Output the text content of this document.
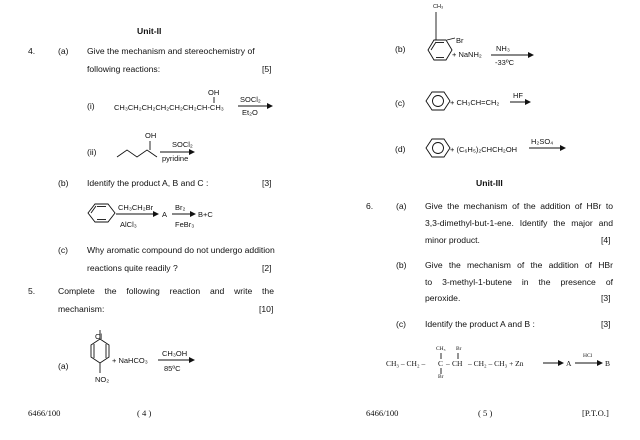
Unit-II
4.	(a) Give the mechanism and stereochemistry of
following reactions:	[5]
(i)
OH
CH₃CH₂CH₂CH₂CH₂CH₂CH-CH₃
SOCl₂
Et₂O
(ii)
OH
SOCl₂
pyridine
(b) Identify the product A, B and C :	[3]
CH₃CH₂Br
AlCl₃
A
Br₂
FeBr₃
B+C
(c) Why aromatic compound do not undergo addition
reactions quite readily ?	[2]
5.	Complete the following reaction and write the
mechanism:	[10]
(a)
Cl
NO₂
+ NaHCO₃
CH₃OH
85ºC
6466/100	( 4 )
(b)
CH₃
Br
+ NaNH₂
NH₃
-33ºC
(c)	+ CH₃CH=CH₂
HF
(d)	+ (C₆H₅)₂CHCH₂OH
H₂SO₄
Unit-III
6.	(a) Give the mechanism of the addition of HBr to
3,3-dimethyl-but-1-ene. Identify the major and
minor product.	[4]
(b) Give the mechanism of the addition of HBr
to 3-methyl-1-butene in the presence of
peroxide.	[3]
(c) Identify the product A and B :	[3]
CH₃ Br
CH₃ – CH₂ – C – CH – CH₂ – CH₃ + Zn
Br
A
HCl
B
6466/100	( 5 )	[P.T.O.]
